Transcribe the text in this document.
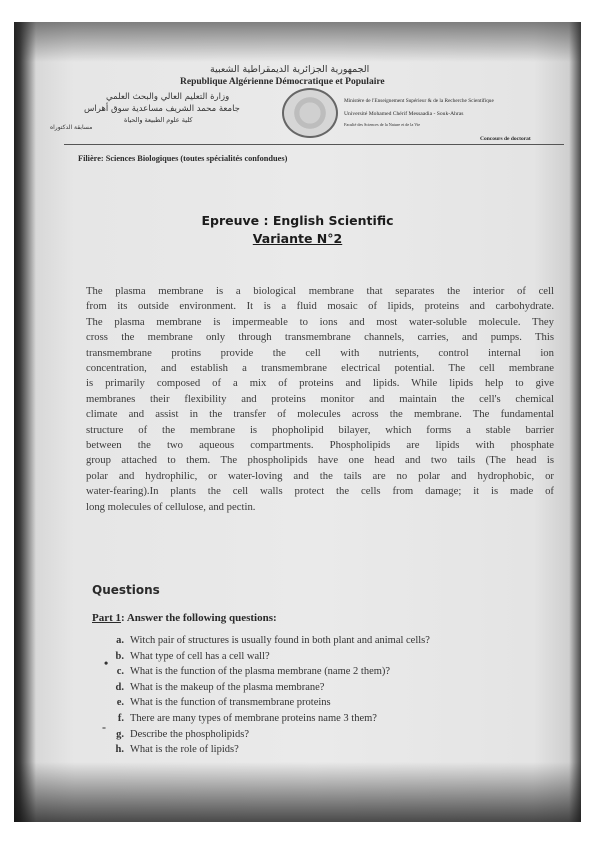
الجمهورية الجزائرية الديمقراطية الشعبية
Republique Algérienne Démocratique et Populaire
وزارة التعليم العالي والبحث العلمي
جامعة محمد الشريف مساعدية سوق أهراس
كلية علوم الطبيعة والحياة
مسابقة الدكتوراه
Ministère de l'Enseignement Supérieur & de la Recherche Scientifique
Université Mohamed Chérif Messaadia - Souk-Ahras
Faculté des Sciences de la Nature et de la Vie
Concours de doctorat
Filière: Sciences Biologiques (toutes spécialités confondues)
Epreuve : English Scientific
Variante N°2

The plasma membrane is a biological membrane that separates the interior of cell

from its outside environment. It is a fluid mosaic of lipids, proteins and carbohydrate.

The plasma membrane is impermeable to ions and most water-soluble molecule. They

cross the membrane only through transmembrane channels, carries, and pumps. This

transmembrane protins provide the cell with nutrients, control internal ion

concentration, and establish a transmembrane electrical potential. The cell membrane

is primarily composed of a mix of proteins and lipids. While lipids help to give

membranes their flexibility and proteins monitor and maintain the cell's chemical

climate and assist in the transfer of molecules across the membrane. The fundamental

structure of the membrane is phopholipid bilayer, which forms a stable barrier

between the two aqueous compartments. Phospholipids are lipids with phosphate

group attached to them. The phospholipids have one head and two tails (The head is

polar and hydrophilic, or water-loving and the tails are no polar and hydrophobic, or

water-fearing).In plants the cell walls protect the cells from damage; it is made of

long molecules of cellulose, and pectin.

Questions
Part 1: Answer the following questions:
•
‑
a. Witch pair of structures is usually found in both plant and animal cells?
b. What type of cell has a cell wall?
c. What is the function of the plasma membrane (name 2 them)?
d. What is the makeup of the plasma membrane?
e. What is the function of transmembrane proteins
f. There are many types of membrane proteins name 3 them?
g. Describe the phospholipids?
h. What is the role of lipids?
